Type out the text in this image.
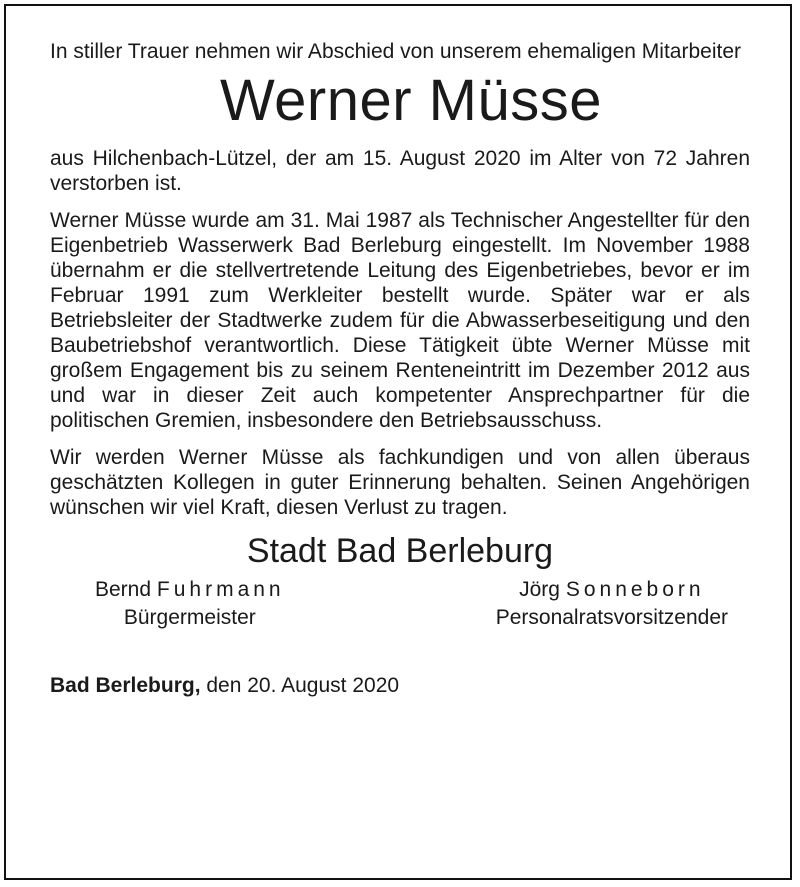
In stiller Trauer nehmen wir Abschied von unserem ehemaligen Mitarbeiter

Werner Müsse

aus Hilchenbach-Lützel, der am 15. August 2020 im Alter von 72 Jahren verstorben ist.

Werner Müsse wurde am 31. Mai 1987 als Technischer Angestellter für den Eigenbetrieb Wasserwerk Bad Berleburg eingestellt. Im November 1988 übernahm er die stellvertretende Leitung des Eigenbetriebes, bevor er im Februar 1991 zum Werkleiter bestellt wurde. Später war er als Betriebsleiter der Stadtwerke zudem für die Abwasserbeseitigung und den Baubetriebshof verantwortlich. Diese Tätigkeit übte Werner Müsse mit großem Engagement bis zu seinem Renteneintritt im Dezember 2012 aus und war in dieser Zeit auch kompetenter Ansprechpartner für die politischen Gremien, insbesondere den Betriebsausschuss.

Wir werden Werner Müsse als fachkundigen und von allen überaus geschätzten Kollegen in guter Erinnerung behalten. Seinen Angehörigen wünschen wir viel Kraft, diesen Verlust zu tragen.

Stadt Bad Berleburg
Bernd Fuhrmann
Bürgermeister
Jörg Sonneborn
Personalratsvorsitzender
Bad Berleburg, den 20. August 2020
